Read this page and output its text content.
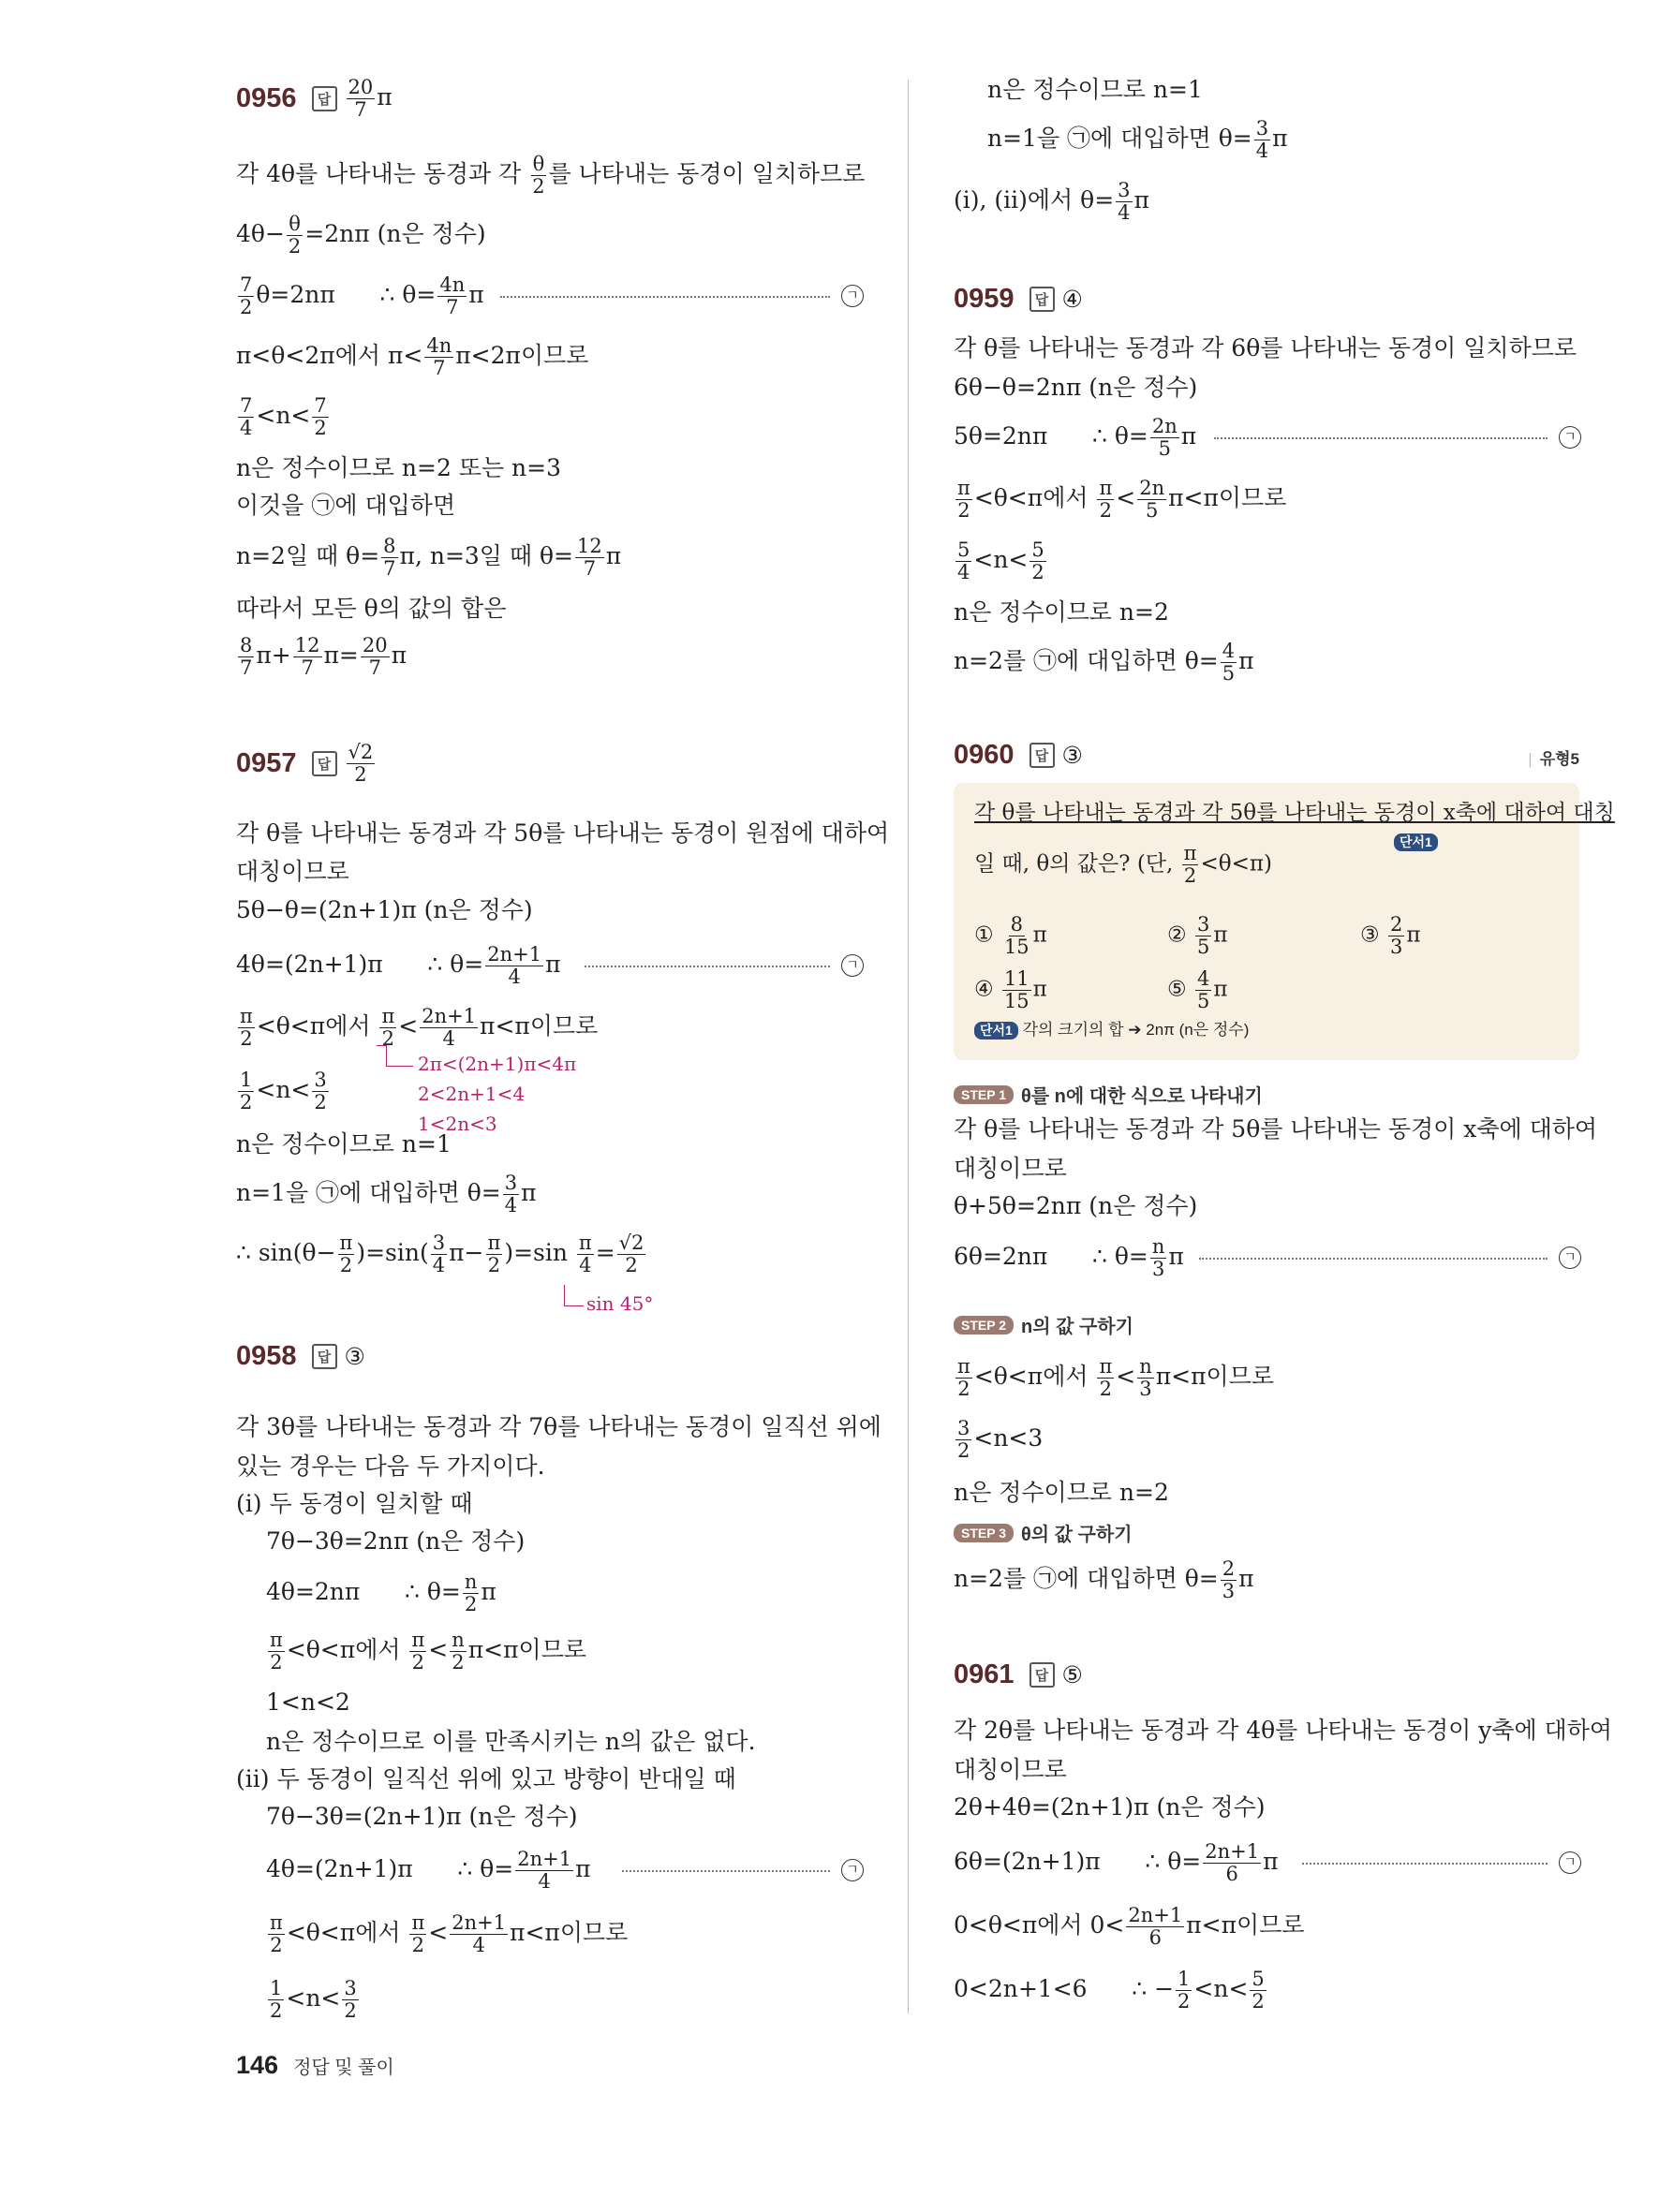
0956	답 $\frac{20}{7}$ π
각 4θ를 나타내는 동경과 각 $\frac{\theta}{2}$ 를 나타내는 동경이 일치하므로
$4\theta- \frac{\theta}{2} =2n\pi$ (n은 정수)
$\frac{7}{2} \theta=2n\pi$      ∴ $\theta= \frac{4n}{7}$ π	ㄱ
π<θ<2π에서 $\pi< \frac{4n}{7} \pi<2\pi$이므로
$\frac{7}{4} <n< \frac{7}{2}$
n은 정수이므로 n=2 또는 n=3
이것을 ㉠에 대입하면
n=2일 때 $\theta= \frac{8}{7} \pi$, n=3일 때 $\theta= \frac{12}{7}$ π
따라서 모든 θ의 값의 합은
$\frac{8}{7} \pi+ \frac{12}{7} \pi= \frac{20}{7}$ π
0957	답 $\frac{√2}{2}$
각 θ를 나타내는 동경과 각 5θ를 나타내는 동경이 원점에 대하여
대칭이므로
5θ−θ=(2n+1)π (n은 정수)
4θ=(2n+1)π      ∴ $\theta= \frac{2n+1}{4}$ π	ㄱ
$\frac{\pi}{2} <\theta<\pi$에서 $\frac{\pi}{2} < \frac{2n+1}{4} \pi<\pi$이므로
2π<(2n+1)π<4π
2<2n+1<4
1<2n<3
$\frac{1}{2} <n< \frac{3}{2}$
n은 정수이므로 n=1
n=1을 ㉠에 대입하면 $\theta= \frac{3}{4}$ π
∴ $\sin(\theta- \frac{\pi}{2} )=\sin( \frac{3}{4} \pi- \frac{\pi}{2} )=\sin \frac{\pi}{4} = \frac{√2}{2}$
sin 45°
0958	답 ③
각 3θ를 나타내는 동경과 각 7θ를 나타내는 동경이 일직선 위에
있는 경우는 다음 두 가지이다.
(ⅰ) 두 동경이 일치할 때
7θ−3θ=2nπ (n은 정수)
4θ=2nπ      ∴ $\theta= \frac{n}{2}$ π
$\frac{\pi}{2} <\theta<\pi$에서 $\frac{\pi}{2} < \frac{n}{2} \pi<\pi$이므로
1<n<2
n은 정수이므로 이를 만족시키는 n의 값은 없다.
(ⅱ) 두 동경이 일직선 위에 있고 방향이 반대일 때
7θ−3θ=(2n+1)π (n은 정수)
4θ=(2n+1)π      ∴ $\theta= \frac{2n+1}{4}$ π	ㄱ
$\frac{\pi}{2} <\theta<\pi$에서 $\frac{\pi}{2} < \frac{2n+1}{4} \pi<\pi$이므로
$\frac{1}{2} <n< \frac{3}{2}$
n은 정수이므로 n=1
n=1을 ㉠에 대입하면 $\theta= \frac{3}{4}$ π
(ⅰ), (ⅱ)에서 $\theta= \frac{3}{4}$ π
0959	답 ④
각 θ를 나타내는 동경과 각 6θ를 나타내는 동경이 일치하므로
6θ−θ=2nπ (n은 정수)
5θ=2nπ      ∴ $\theta= \frac{2n}{5}$ π	ㄱ
$\frac{\pi}{2} <\theta<\pi$에서 $\frac{\pi}{2} < \frac{2n}{5} \pi<\pi$이므로
$\frac{5}{4} <n< \frac{5}{2}$
n은 정수이므로 n=2
n=2를 ㉠에 대입하면 $\theta= \frac{4}{5}$ π
0960	답 ③	| 유형5
각 θ를 나타내는 동경과 각 5θ를 나타내는 동경이 x축에 대하여 대칭
단서1
일 때, θ의 값은? (단, $\frac{\pi}{2} <\theta<\pi$)
① $\frac{8}{15}$ π	② $\frac{3}{5}$ π	③ $\frac{2}{3}$ π
④ $\frac{11}{15}$ π	⑤ $\frac{4}{5}$ π
단서1 각의 크기의 합 ➔ 2nπ (n은 정수)
STEP 1 θ를 n에 대한 식으로 나타내기
각 θ를 나타내는 동경과 각 5θ를 나타내는 동경이 x축에 대하여
대칭이므로
θ+5θ=2nπ (n은 정수)
6θ=2nπ      ∴ $\theta= \frac{n}{3}$ π	ㄱ
STEP 2 n의 값 구하기
$\frac{\pi}{2} <\theta<\pi$에서 $\frac{\pi}{2} < \frac{n}{3} \pi<\pi$이므로
$\frac{3}{2} <n<3$
n은 정수이므로 n=2
STEP 3 θ의 값 구하기
n=2를 ㉠에 대입하면 $\theta= \frac{2}{3}$ π
0961	답 ⑤
각 2θ를 나타내는 동경과 각 4θ를 나타내는 동경이 y축에 대하여
대칭이므로
2θ+4θ=(2n+1)π (n은 정수)
6θ=(2n+1)π      ∴ $\theta= \frac{2n+1}{6}$ π	ㄱ
0<θ<π에서 $0< \frac{2n+1}{6} \pi<\pi$이므로
0<2n+1<6      ∴ − $\frac{1}{2} <n< \frac{5}{2}$
146 정답 및 풀이
